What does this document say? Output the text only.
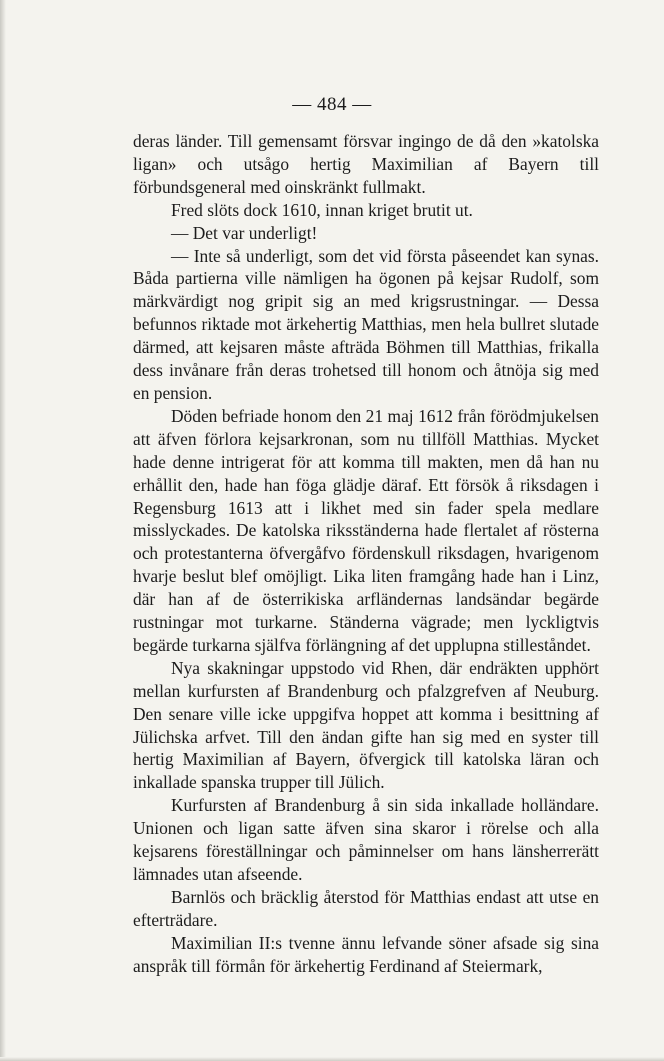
— 484 —

deras länder. Till gemensamt försvar ingingo de då den »katolska ligan» och utsågo hertig Maximilian af Bayern till förbundsgeneral med oinskränkt fullmakt.

Fred slöts dock 1610, innan kriget brutit ut.

— Det var underligt!

— Inte så underligt, som det vid första påseendet kan synas. Båda partierna ville nämligen ha ögonen på kejsar Rudolf, som märkvärdigt nog gripit sig an med krigsrustningar. — Dessa befunnos riktade mot ärkehertig Matthias, men hela bullret slutade därmed, att kejsaren måste afträda Böhmen till Matthias, frikalla dess invånare från deras trohetsed till honom och åtnöja sig med en pension.

Döden befriade honom den 21 maj 1612 från förödmjukelsen att äfven förlora kejsarkronan, som nu tillföll Matthias. Mycket hade denne intrigerat för att komma till makten, men då han nu erhållit den, hade han föga glädje däraf. Ett försök å riksdagen i Regensburg 1613 att i likhet med sin fader spela medlare misslyckades. De katolska riksständerna hade flertalet af rösterna och protestanterna öfvergåfvo fördenskull riksdagen, hvarigenom hvarje beslut blef omöjligt. Lika liten framgång hade han i Linz, där han af de österrikiska arfländernas landsändar begärde rustningar mot turkarne. Ständerna vägrade; men lyckligtvis begärde turkarna själfva förlängning af det upplupna stilleståndet.

Nya skakningar uppstodo vid Rhen, där endräkten upphört mellan kurfursten af Brandenburg och pfalzgrefven af Neuburg. Den senare ville icke uppgifva hoppet att komma i besittning af Jülichska arfvet. Till den ändan gifte han sig med en syster till hertig Maximilian af Bayern, öfvergick till katolska läran och inkallade spanska trupper till Jülich.

Kurfursten af Brandenburg å sin sida inkallade holländare. Unionen och ligan satte äfven sina skaror i rörelse och alla kejsarens föreställningar och påminnelser om hans länsherrerätt lämnades utan afseende.

Barnlös och bräcklig återstod för Matthias endast att utse en efterträdare.

Maximilian II:s tvenne ännu lefvande söner afsade sig sina anspråk till förmån för ärkehertig Ferdinand af Steiermark,
